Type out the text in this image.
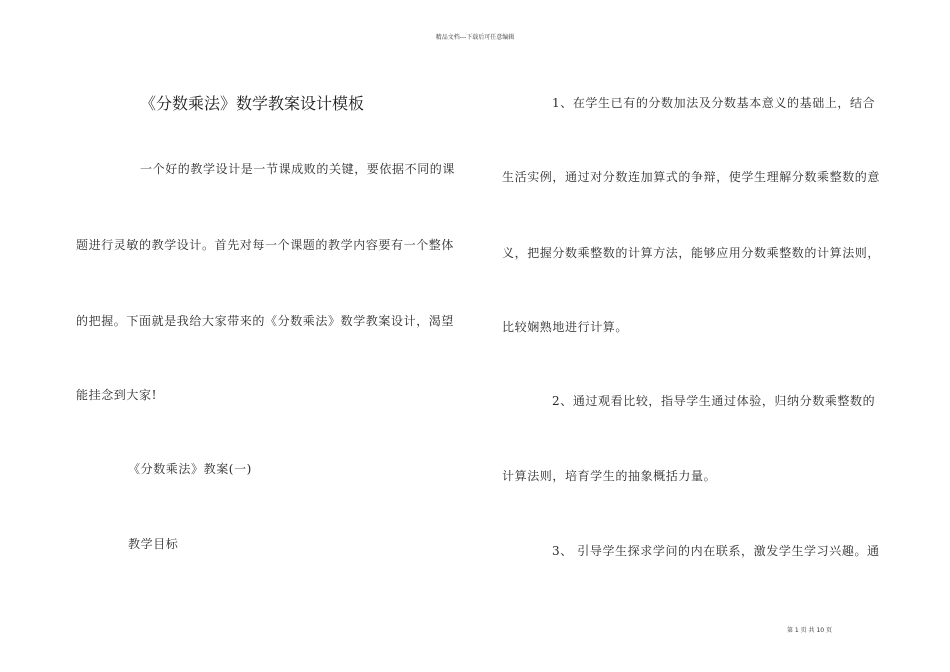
精品文档---下载后可任意编辑
《分数乘法》数学教案设计模板
一个好的教学设计是一节课成败的关键，要依据不同的课
题进行灵敏的教学设计。首先对每一个课题的教学内容要有一个整体
的把握。下面就是我给大家带来的《分数乘法》数学教案设计，渴望
能挂念到大家!
《分数乘法》教案(一)
教学目标
1、在学生已有的分数加法及分数基本意义的基础上，结合
生活实例，通过对分数连加算式的争辩，使学生理解分数乘整数的意
义，把握分数乘整数的计算方法，能够应用分数乘整数的计算法则，
比较娴熟地进行计算。
2、通过观看比较，指导学生通过体验，归纳分数乘整数的
计算法则，培育学生的抽象概括力量。
3、 引导学生探求学问的内在联系，激发学生学习兴趣。通
第 1 页 共 10 页
